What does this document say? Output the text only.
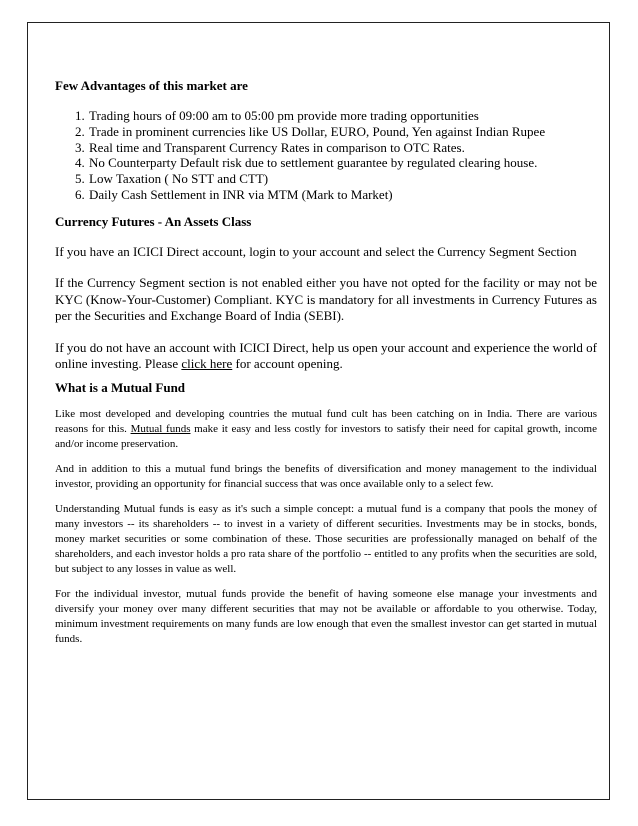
Few Advantages of this market are

1. Trading hours of 09:00 am to 05:00 pm provide more trading opportunities
2. Trade in prominent currencies like US Dollar, EURO, Pound, Yen against Indian Rupee
3. Real time and Transparent Currency Rates in comparison to OTC Rates.
4. No Counterparty Default risk due to settlement guarantee by regulated clearing house.
5. Low Taxation ( No STT and CTT)
6. Daily Cash Settlement in INR via MTM (Mark to Market)

Currency Futures - An Assets Class

If you have an ICICI Direct account, login to your account and select the Currency Segment Section

If the Currency Segment section is not enabled either you have not opted for the facility or may not be KYC (Know-Your-Customer) Compliant. KYC is mandatory for all investments in Currency Futures as per the Securities and Exchange Board of India (SEBI).

If you do not have an account with ICICI Direct, help us open your account and experience the world of online investing. Please click here for account opening.

What is a Mutual Fund

Like most developed and developing countries the mutual fund cult has been catching on in India. There are various reasons for this. Mutual funds make it easy and less costly for investors to satisfy their need for capital growth, income and/or income preservation.

And in addition to this a mutual fund brings the benefits of diversification and money management to the individual investor, providing an opportunity for financial success that was once available only to a select few.

Understanding Mutual funds is easy as it's such a simple concept: a mutual fund is a company that pools the money of many investors -- its shareholders -- to invest in a variety of different securities. Investments may be in stocks, bonds, money market securities or some combination of these. Those securities are professionally managed on behalf of the shareholders, and each investor holds a pro rata share of the portfolio -- entitled to any profits when the securities are sold, but subject to any losses in value as well.

For the individual investor, mutual funds provide the benefit of having someone else manage your investments and diversify your money over many different securities that may not be available or affordable to you otherwise. Today, minimum investment requirements on many funds are low enough that even the smallest investor can get started in mutual funds.
